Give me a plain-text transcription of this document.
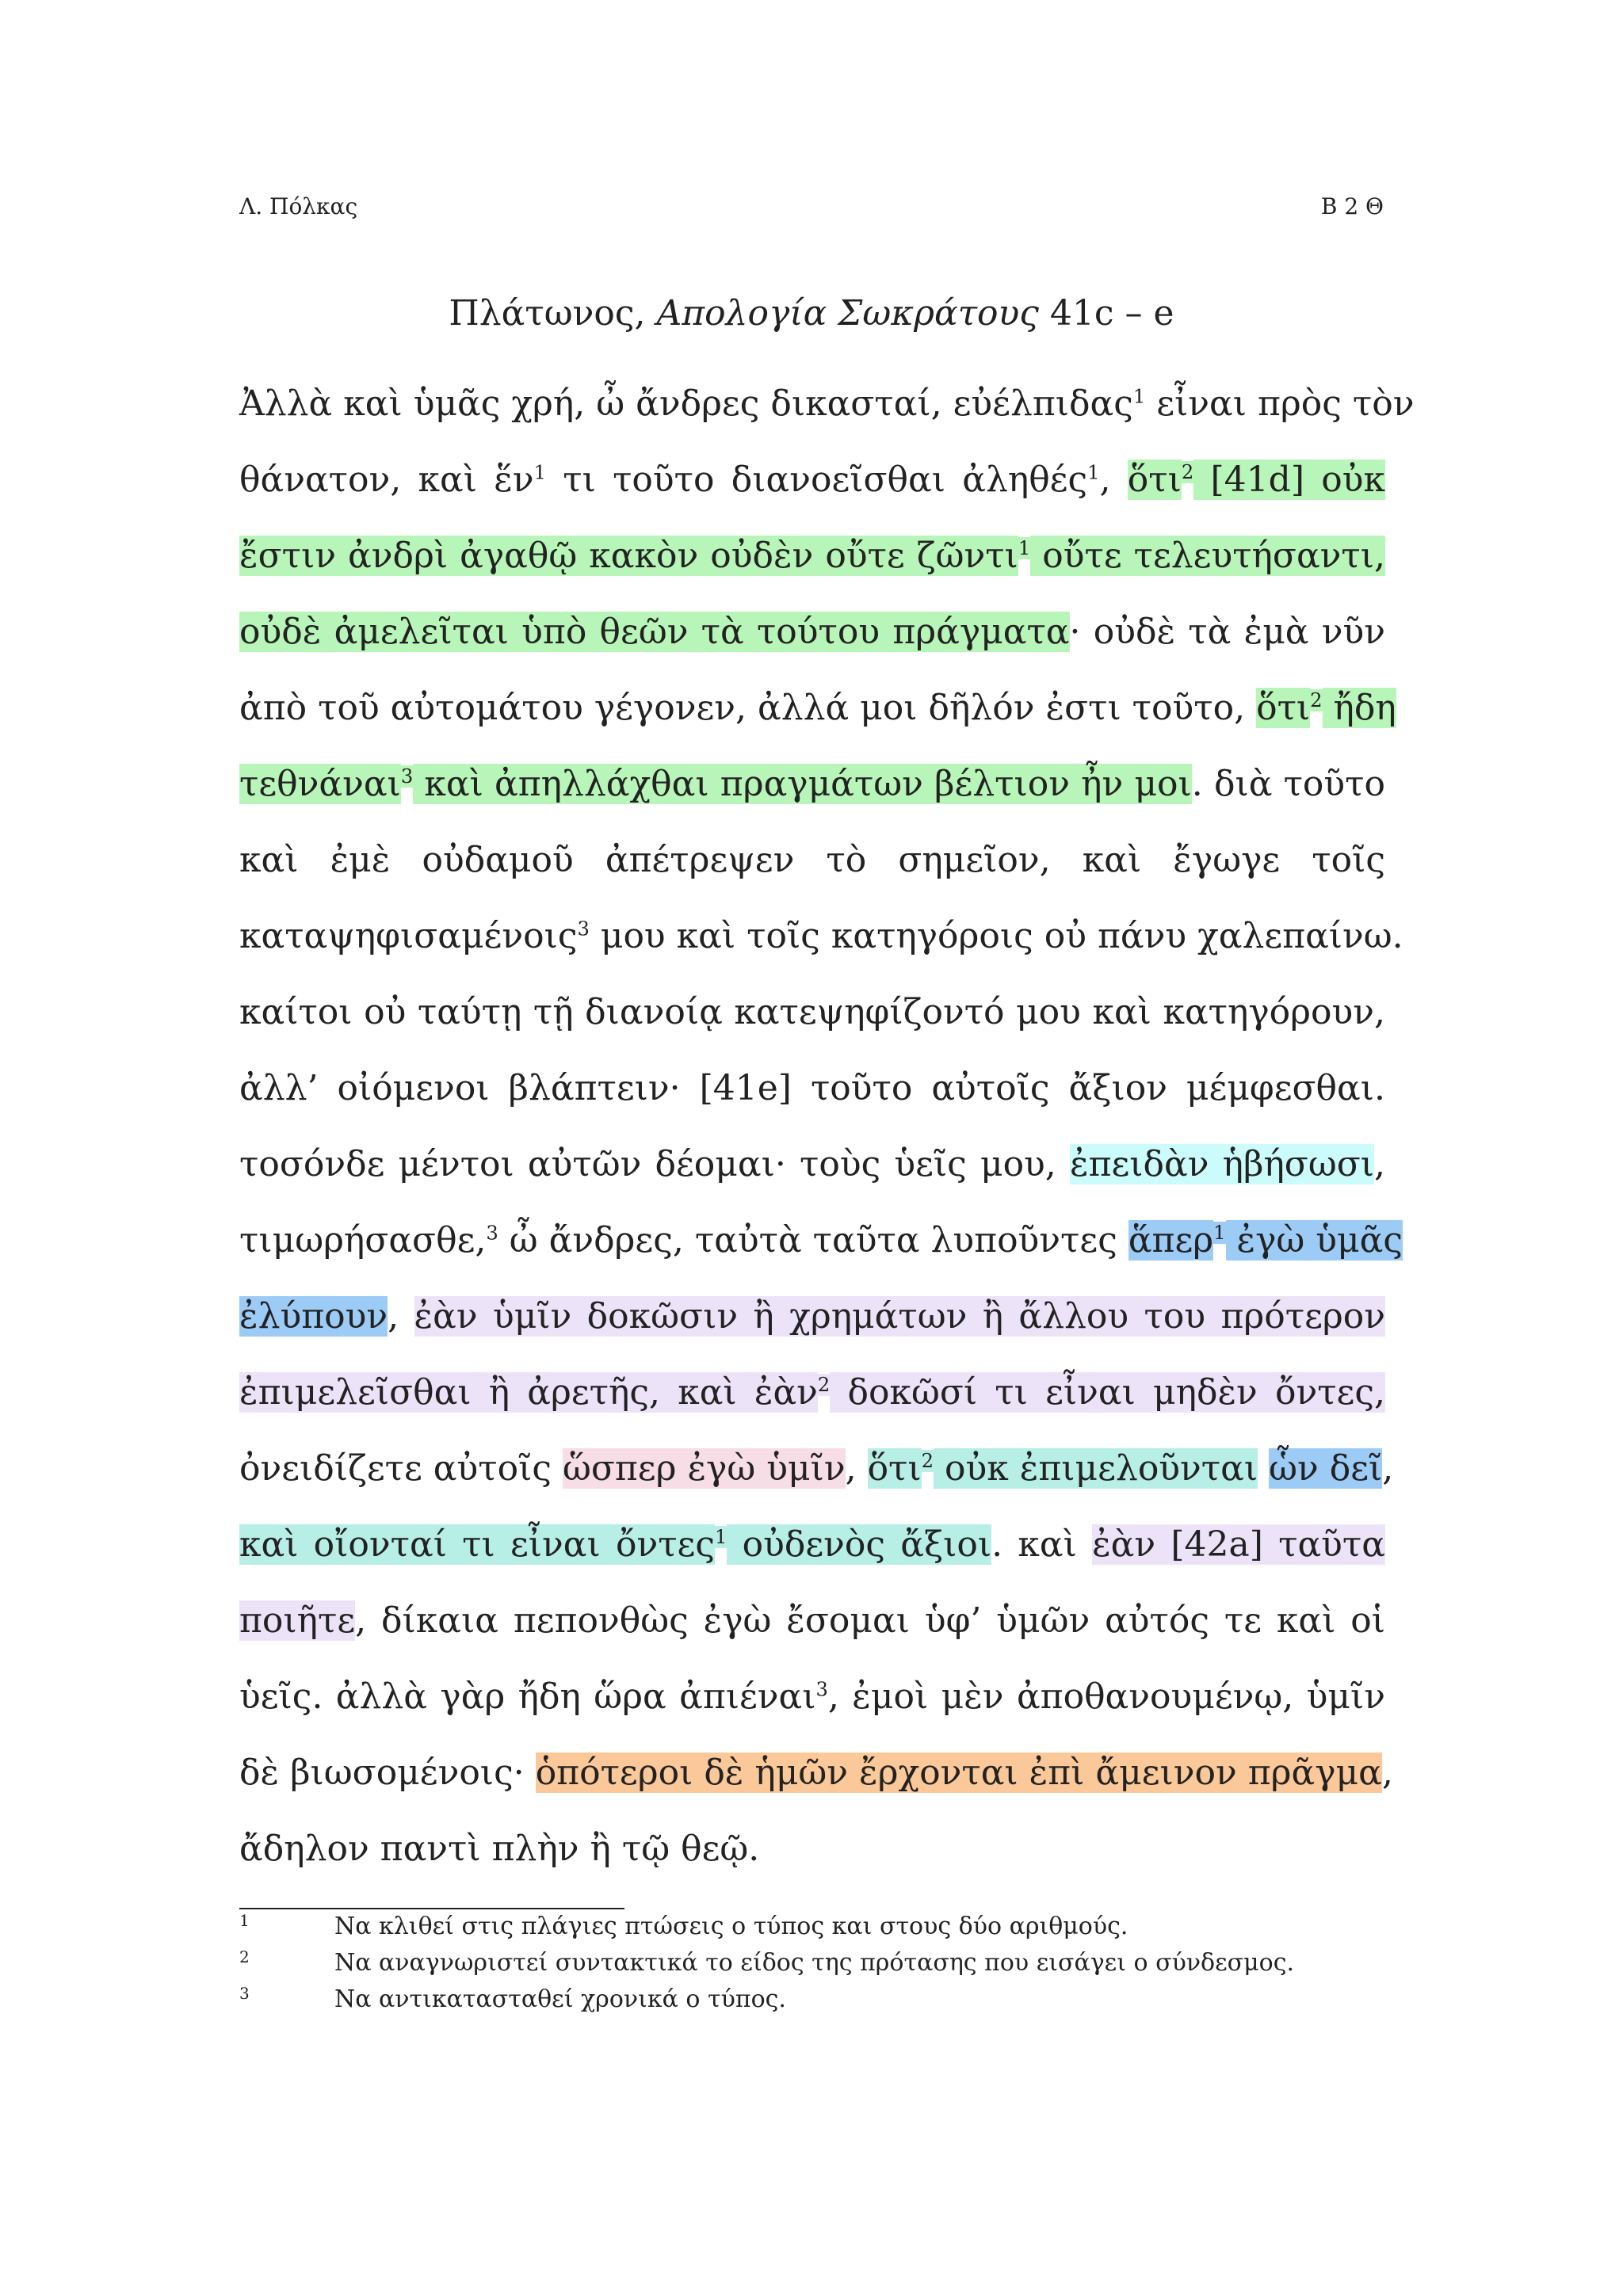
Λ. Πόλκας	Β 2 Θ
Πλάτωνος, Απολογία Σωκράτους 41c – e
Ἀλλὰ καὶ ὑμᾶς χρή, ὦ ἄνδρες δικασταί, εὐέλπιδας$^1$ εἶναι πρὸς τὸν
θάνατον, καὶ ἕν$^1$ τι τοῦτο διανοεῖσθαι ἀληθές$^1$, ὅτι$^2$ [41d] οὐκ
ἔστιν ἀνδρὶ ἀγαθῷ κακὸν οὐδὲν οὔτε ζῶντι$^1$ οὔτε τελευτήσαντι,
οὐδὲ ἀμελεῖται ὑπὸ θεῶν τὰ τούτου πράγματα· οὐδὲ τὰ ἐμὰ νῦν
ἀπὸ τοῦ αὐτομάτου γέγονεν, ἀλλά μοι δῆλόν ἐστι τοῦτο, ὅτι$^2$ ἤδη
τεθνάναι$^3$ καὶ ἀπηλλάχθαι πραγμάτων βέλτιον ἦν μοι. διὰ τοῦτο
καὶ ἐμὲ οὐδαμοῦ ἀπέτρεψεν τὸ σημεῖον, καὶ ἔγωγε τοῖς
καταψηφισαμένοις$^3$ μου καὶ τοῖς κατηγόροις οὐ πάνυ χαλεπαίνω.
καίτοι οὐ ταύτῃ τῇ διανοίᾳ κατεψηφίζοντό μου καὶ κατηγόρουν,
ἀλλ’ οἰόμενοι βλάπτειν· [41e] τοῦτο αὐτοῖς ἄξιον μέμφεσθαι.
τοσόνδε μέντοι αὐτῶν δέομαι· τοὺς ὑεῖς μου, ἐπειδὰν ἡβήσωσι,
τιμωρήσασθε,$^3$ ὦ ἄνδρες, ταὐτὰ ταῦτα λυποῦντες ἅπερ$^1$ ἐγὼ ὑμᾶς
ἐλύπουν, ἐὰν ὑμῖν δοκῶσιν ἢ χρημάτων ἢ ἄλλου του πρότερον
ἐπιμελεῖσθαι ἢ ἀρετῆς, καὶ ἐὰν$^2$ δοκῶσί τι εἶναι μηδὲν ὄντες,
ὀνειδίζετε αὐτοῖς ὥσπερ ἐγὼ ὑμῖν, ὅτι$^2$ οὐκ ἐπιμελοῦνται ὧν δεῖ,
καὶ οἴονταί τι εἶναι ὄντες$^1$ οὐδενὸς ἄξιοι. καὶ ἐὰν [42a] ταῦτα
ποιῆτε, δίκαια πεπονθὼς ἐγὼ ἔσομαι ὑφ’ ὑμῶν αὐτός τε καὶ οἱ
ὑεῖς. ἀλλὰ γὰρ ἤδη ὥρα ἀπιέναι$^3$, ἐμοὶ μὲν ἀποθανουμένῳ, ὑμῖν
δὲ βιωσομένοις· ὁπότεροι δὲ ἡμῶν ἔρχονται ἐπὶ ἄμεινον πρᾶγμα,
ἄδηλον παντὶ πλὴν ἢ τῷ θεῷ.
1	Να κλιθεί στις πλάγιες πτώσεις ο τύπος και στους δύο αριθμούς.
2	Να αναγνωριστεί συντακτικά το είδος της πρότασης που εισάγει ο σύνδεσμος.
3	Να αντικατασταθεί χρονικά ο τύπος.
